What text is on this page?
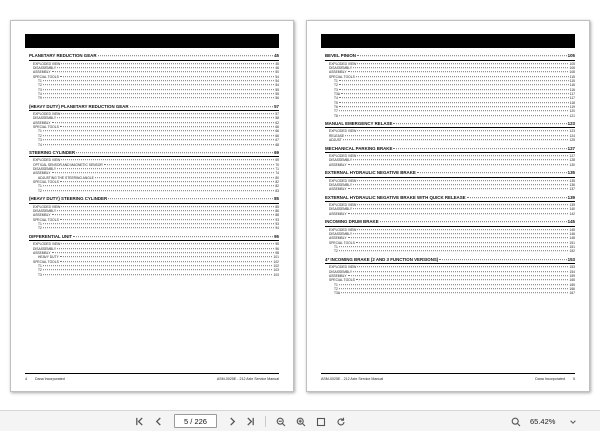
PLANETARY REDUCTION GEAR	45
EXPLODED VIEW	45
DISASSEMBLY	46
ASSEMBLY	50
SPECIAL TOOLS	54
T1	54
T2	54
T3	55
T4	55
T9	56
(HEAVY DUTY) PLANETARY REDUCTION GEAR	57
EXPLODED VIEW	57
DISASSEMBLY	58
ASSEMBLY	62
SPECIAL TOOLS	66
T1	66
T2	66
T3	67
T4	68
STEERING CYLINDER	69
EXPLODED VIEW	69
OPTICAL SENSOR AND MAGNETIC SENSOR	70
DISASSEMBLY	71
ASSEMBLY	74
ADJUSTING THE STEERING ANGLE	80
SPECIAL TOOLS	82
T1	82
T2	83
(HEAVY DUTY) STEERING CYLINDER	85
EXPLODED VIEW	85
DISASSEMBLY	86
ASSEMBLY	88
SPECIAL TOOLS	93
T1	93
T2	94
DIFFERENTIAL UNIT	95
EXPLODED VIEW	95
DISASSEMBLY	96
ASSEMBLY	98
HEAVY DUTY	101
SPECIAL TOOLS	102
T1	102
T2	103
T3	103
4 Dana Incorporated	ASM-0025E - 212 Axle Service Manual
BEVEL PINION	105
EXPLODED VIEW	105
DISASSEMBLY	106
ASSEMBLY	108
SPECIAL TOOLS	115
T1	115
T2	116
T3	116
T3A	117
T4	117
T5	118
T6	119
T7	120
T8	121
MANUAL EMERGENCY RELASE	123
EXPLODED VIEW	123
RELEASE	124
ADJUST	125
MECHANICAL PARKING BRAKE	127
EXPLODED VIEW	127
DISASSEMBLY	128
ASSEMBLY	130
EXTERNAL HYDRAULIC NEGATIVE BRAKE	135
EXPLODED VIEW	135
DISASSEMBLY	136
ASSEMBLY	137
EXTERNAL HYDRAULIC NEGATIVE BRAKE WITH QUICK RELEASE	139
EXPLODED VIEW	139
DISASSEMBLY	140
ASSEMBLY	142
INCOMING DRUM BRAKE	145
EXPLODED VIEW	145
DISASSEMBLY	146
ASSEMBLY	148
SPECIAL TOOLS	151
T1	151
T2	152
4* INCOMING BRAKE (2 AND 3 FUNCTION VERSIONS)	153
EXPLODED VIEW	153
DISASSEMBLY	154
ASSEMBLY	159
SPECIAL TOOLS	165
T1	165
T2	166
T3A	167
ASM-0025E - 212 Axle Service Manual	Dana Incorporated 5
5 / 226	65.42%
